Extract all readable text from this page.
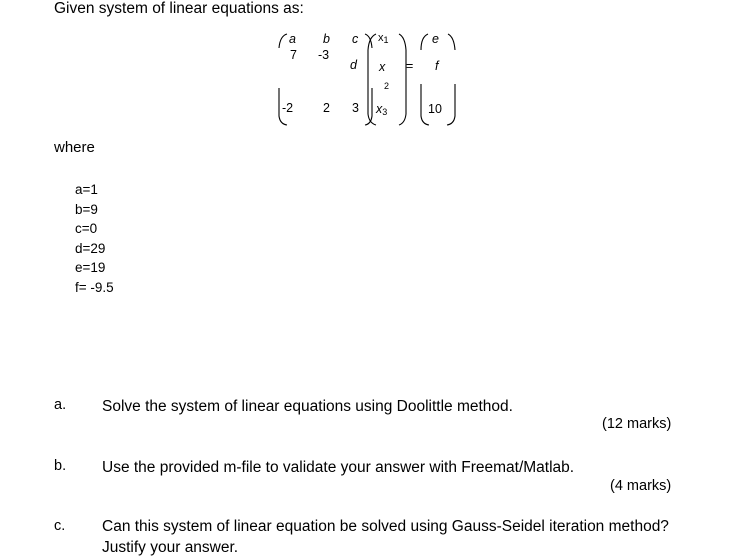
Given system of linear equations as:
a b c
7 -3
d
-2 2 3
$x_1$
x
2
$x_3$
=
e
f
10
where
a=1
b=9
c=0
d=29
e=19
f= -9.5
a. Solve the system of linear equations using Doolittle method.
(12 marks)
b. Use the provided m-file to validate your answer with Freemat/Matlab.
(4 marks)
c. Can this system of linear equation be solved using Gauss-Seidel iteration method?
Justify your answer.
